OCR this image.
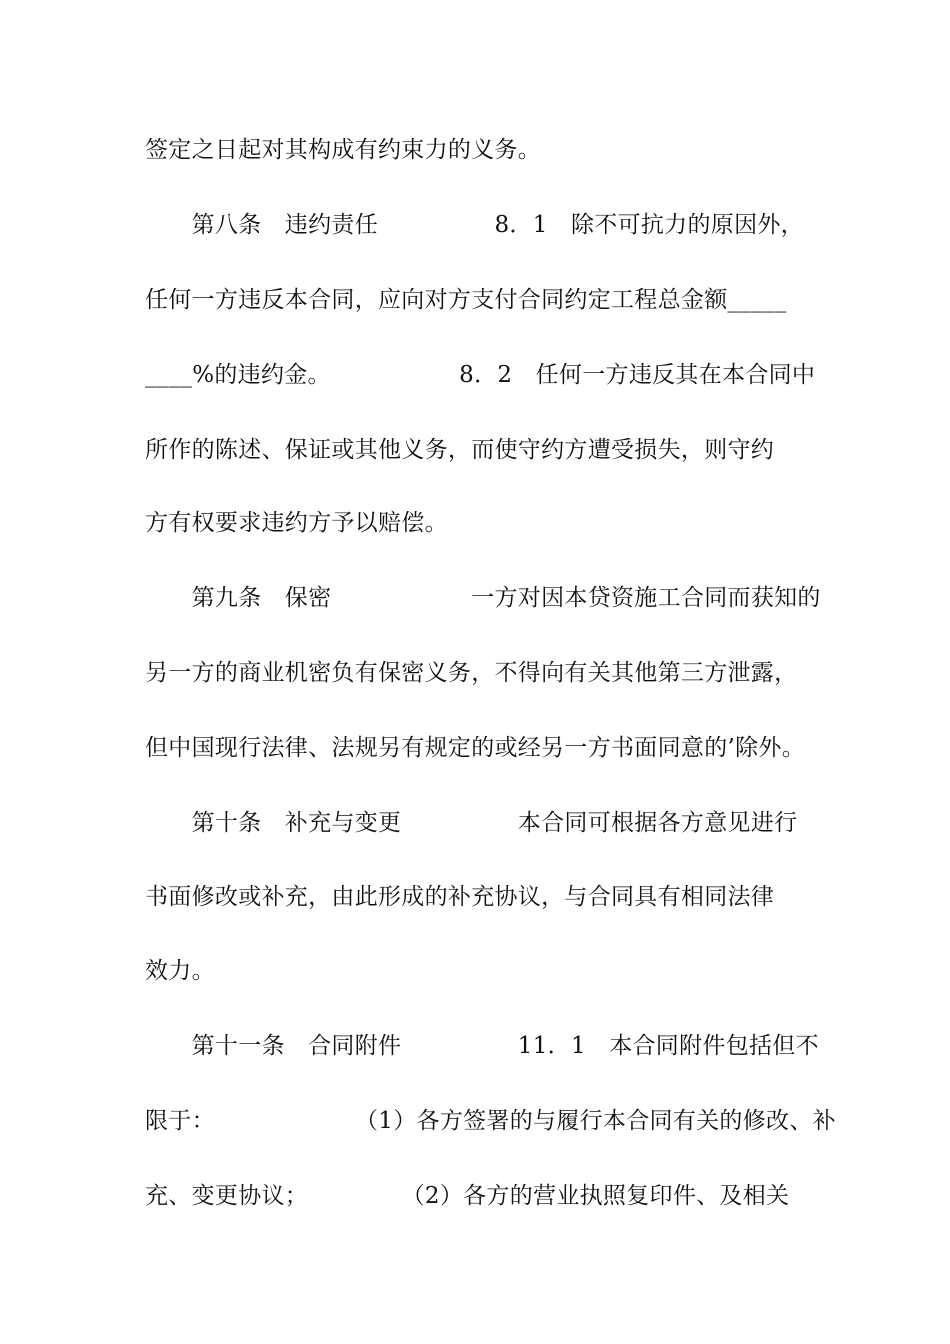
签定之日起对其构成有约束力的义务。
　　第八条　违约责任　　　　　8．1　除不可抗力的原因外，
任何一方违反本合同，应向对方支付合同约定工程总金额_____
____%的违约金。　　　　　　8．2　任何一方违反其在本合同中
所作的陈述、保证或其他义务，而使守约方遭受损失，则守约
方有权要求违约方予以赔偿。
　　第九条　保密　　　　　　一方对因本贷资施工合同而获知的
另一方的商业机密负有保密义务，不得向有关其他第三方泄露，
但中国现行法律、法规另有规定的或经另一方书面同意的’除外。
　　第十条　补充与变更　　　　　本合同可根据各方意见进行
书面修改或补充，由此形成的补充协议，与合同具有相同法律
效力。
　　第十一条　合同附件　　　　　11．1　本合同附件包括但不
限于：　　　　　　　（1）各方签署的与履行本合同有关的修改、补
充、变更协议；　　　　　（2）各方的营业执照复印件、及相关
